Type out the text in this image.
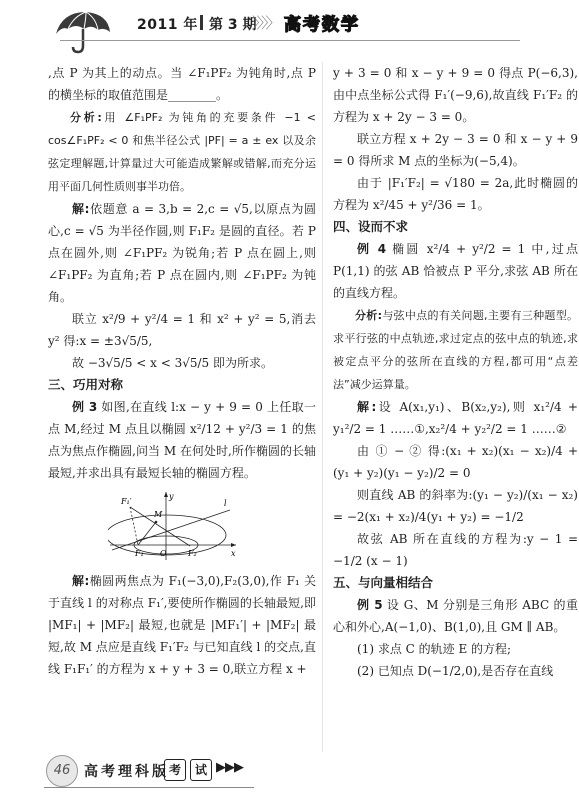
2011 年 第 3 期
〉〉〉〉 高考数学

,点 P 为其上的动点。当 ∠F₁PF₂ 为钝角时,点 P 的横坐标的取值范围是________。

分析:用 ∠F₁PF₂ 为钝角的充要条件 −1 < cos∠F₁PF₂ < 0 和焦半径公式 |PF| = a ± ex 以及余弦定理解题,计算量过大可能造成繁解或错解,而充分运用平面几何性质则事半功倍。

解:依题意 a = 3,b = 2,c = √5,以原点为圆心,c = √5 为半径作圆,则 F₁F₂ 是圆的直径。若 P 点在圆外,则 ∠F₁PF₂ 为锐角;若 P 点在圆上,则 ∠F₁PF₂ 为直角;若 P 点在圆内,则 ∠F₁PF₂ 为钝角。

联立 x²/9 + y²/4 = 1 和 x² + y² = 5,消去 y² 得:x = ±3√5/5,

故 −3√5/5 < x < 3√5/5 即为所求。

三、巧用对称

例 3 如图,在直线 l:x − y + 9 = 0 上任取一点 M,经过 M 点且以椭圆 x²/12 + y²/3 = 1 的焦点为焦点作椭圆,问当 M 在何处时,所作椭圆的长轴最短,并求出具有最短长轴的椭圆方程。

F₁′
M
y
l
F₁ O	F₂	x

解:椭圆两焦点为 F₁(−3,0),F₂(3,0),作 F₁ 关于直线 l 的对称点 F₁′,要使所作椭圆的长轴最短,即 |MF₁| + |MF₂| 最短,也就是 |MF₁′| + |MF₂| 最短,故 M 点应是直线 F₁′F₂ 与已知直线 l 的交点,直线 F₁F₁′ 的方程为 x + y + 3 = 0,联立方程 x +

y + 3 = 0 和 x − y + 9 = 0 得点 P(−6,3),由中点坐标公式得 F₁′(−9,6),故直线 F₁′F₂ 的方程为 x + 2y − 3 = 0。

联立方程 x + 2y − 3 = 0 和 x − y + 9 = 0 得所求 M 点的坐标为(−5,4)。

由于 |F₁′F₂| = √180 = 2a,此时椭圆的方程为 x²/45 + y²/36 = 1。

四、设而不求

例 4 椭圆 x²/4 + y²/2 = 1 中,过点 P(1,1) 的弦 AB 恰被点 P 平分,求弦 AB 所在的直线方程。

分析:与弦中点的有关问题,主要有三种题型。求平行弦的中点轨迹,求过定点的弦中点的轨迹,求被定点平分的弦所在直线的方程,都可用“点差法”减少运算量。

解:设 A(x₁,y₁)、B(x₂,y₂),则 x₁²/4 + y₁²/2 = 1 ……①,x₂²/4 + y₂²/2 = 1 ……②

由 ① − ② 得:(x₁ + x₂)(x₁ − x₂)/4 + (y₁ + y₂)(y₁ − y₂)/2 = 0

则直线 AB 的斜率为:(y₁ − y₂)/(x₁ − x₂) = −2(x₁ + x₂)/4(y₁ + y₂) = −1/2

故弦 AB 所在直线的方程为:y − 1 = −1/2 (x − 1)

五、与向量相结合

例 5 设 G、M 分别是三角形 ABC 的重心和外心,A(−1,0)、B(1,0),且 GM ∥ AB。

(1) 求点 C 的轨迹 E 的方程;

(2) 已知点 D(−1/2,0),是否存在直线

46 高考理科版 考	试 ▶▶▶
